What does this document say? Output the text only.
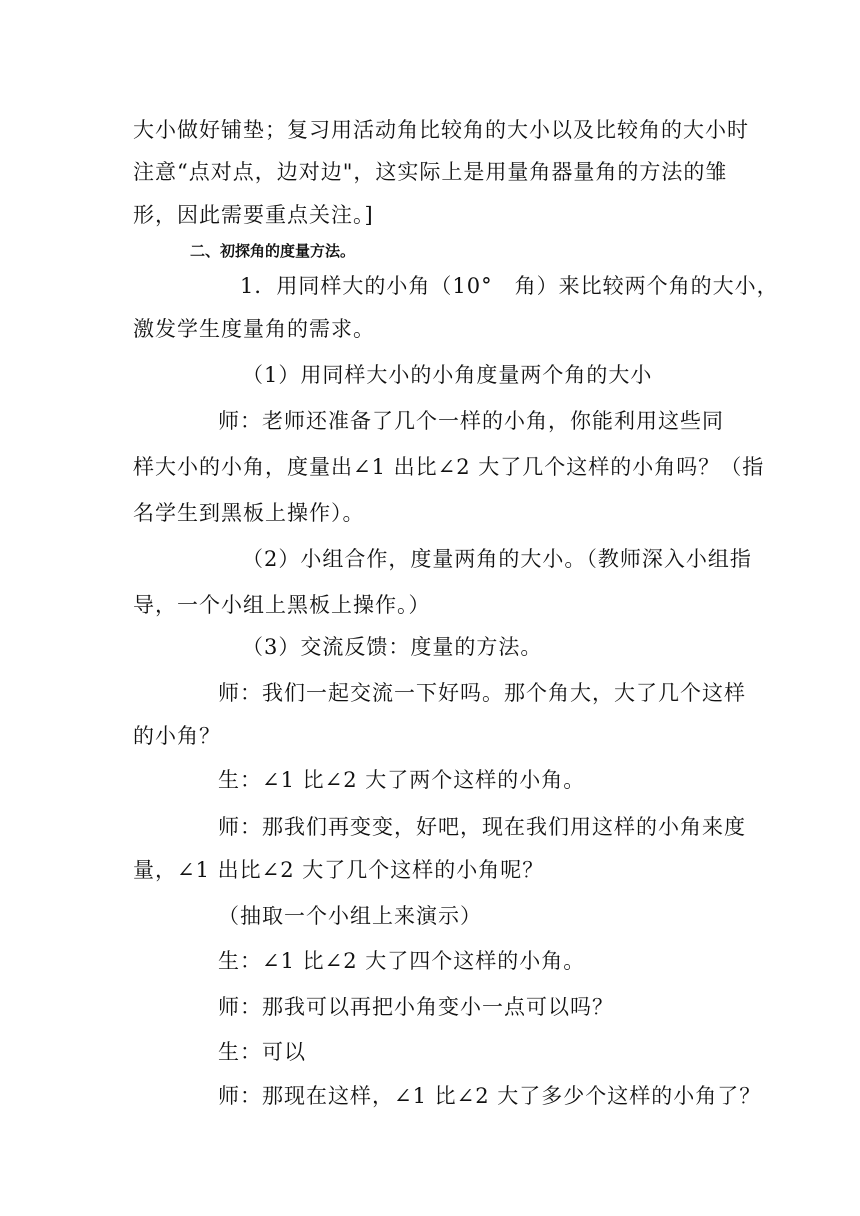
大小做好铺垫；复习用活动角比较角的大小以及比较角的大小时
注意“点对点，边对边"，这实际上是用量角器量角的方法的雏
形，因此需要重点关注。]
二、初探角的度量方法。
1．用同样大的小角（10°　角）来比较两个角的大小，
激发学生度量角的需求。
（1）用同样大小的小角度量两个角的大小
师：老师还准备了几个一样的小角，你能利用这些同
样大小的小角，度量出∠1 出比∠2 大了几个这样的小角吗？（指
名学生到黑板上操作）。
（2）小组合作，度量两角的大小。（教师深入小组指
导，一个小组上黑板上操作。）
（3）交流反馈：度量的方法。
师：我们一起交流一下好吗。那个角大，大了几个这样
的小角？
生：∠1 比∠2 大了两个这样的小角。
师：那我们再变变，好吧，现在我们用这样的小角来度
量，∠1 出比∠2 大了几个这样的小角呢？
（抽取一个小组上来演示）
生：∠1 比∠2 大了四个这样的小角。
师：那我可以再把小角变小一点可以吗？
生：可以
师：那现在这样，∠1 比∠2 大了多少个这样的小角了？
